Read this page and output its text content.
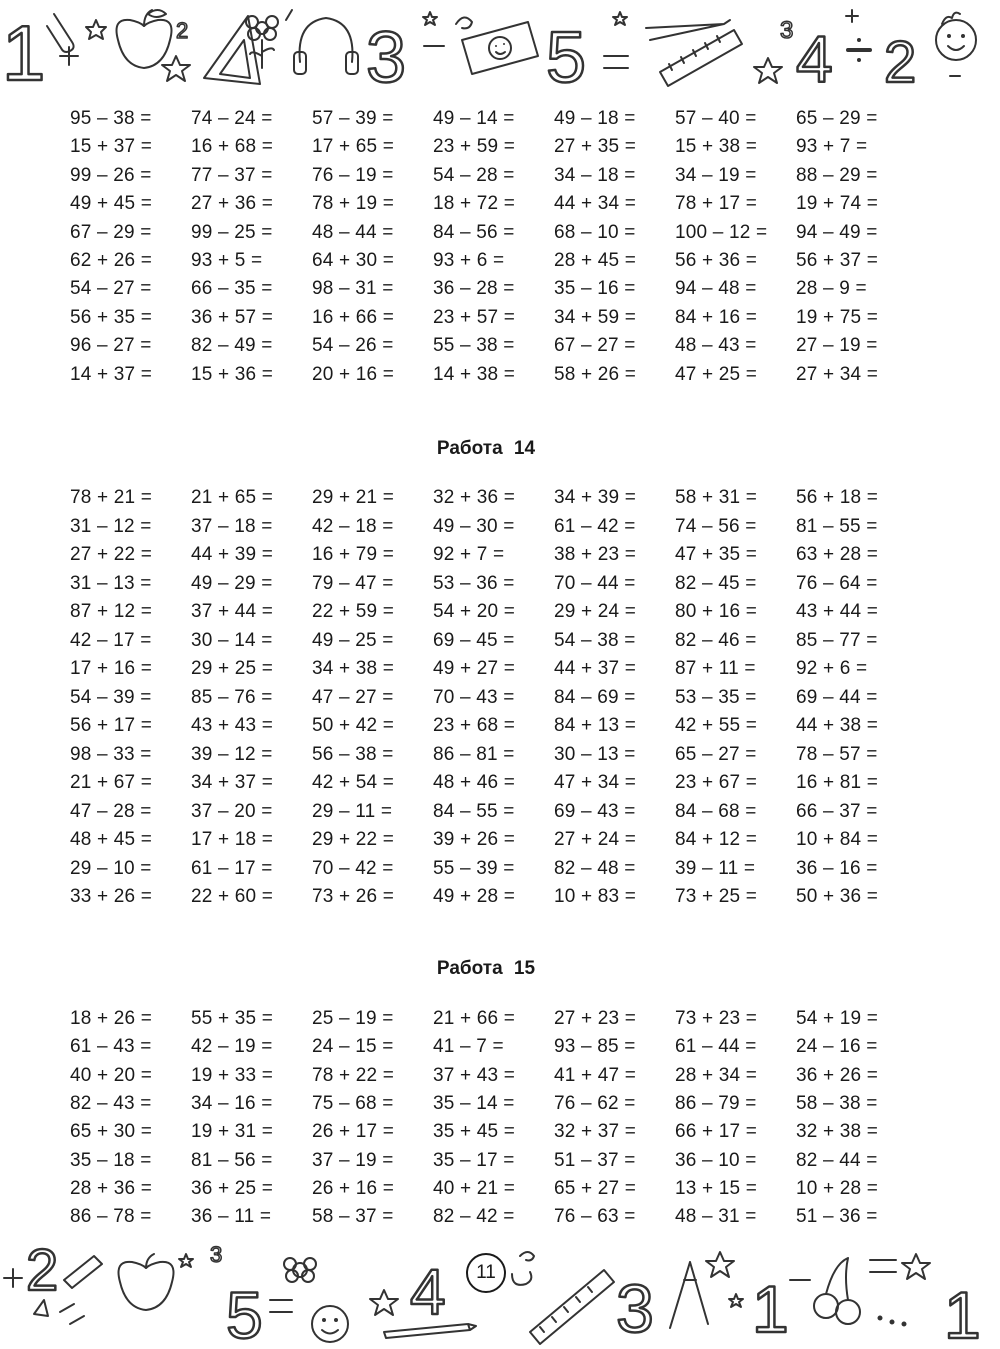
1	2 3 5	3 4 2
95 – 38 = 74 – 24 = 57 – 39 = 49 – 14 = 49 – 18 = 57 – 40 = 65 – 29 =
15 + 37 = 16 + 68 = 17 + 65 = 23 + 59 = 27 + 35 = 15 + 38 = 93 + 7 =
99 – 26 = 77 – 37 = 76 – 19 = 54 – 28 = 34 – 18 = 34 – 19 = 88 – 29 =
49 + 45 = 27 + 36 = 78 + 19 = 18 + 72 = 44 + 34 = 78 + 17 = 19 + 74 =
67 – 29 = 99 – 25 = 48 – 44 = 84 – 56 = 68 – 10 = 100 – 12 = 94 – 49 =
62 + 26 = 93 + 5 =	64 + 30 = 93 + 6 =	28 + 45 = 56 + 36 = 56 + 37 =
54 – 27 = 66 – 35 = 98 – 31 = 36 – 28 = 35 – 16 = 94 – 48 = 28 – 9 =
56 + 35 = 36 + 57 = 16 + 66 = 23 + 57 = 34 + 59 = 84 + 16 = 19 + 75 =
96 – 27 = 82 – 49 = 54 – 26 = 55 – 38 = 67 – 27 = 48 – 43 = 27 – 19 =
14 + 37 = 15 + 36 = 20 + 16 = 14 + 38 = 58 + 26 = 47 + 25 = 27 + 34 =
Работа 14
78 + 21 = 21 + 65 = 29 + 21 = 32 + 36 = 34 + 39 = 58 + 31 = 56 + 18 =
31 – 12 = 37 – 18 = 42 – 18 = 49 – 30 = 61 – 42 = 74 – 56 = 81 – 55 =
27 + 22 = 44 + 39 = 16 + 79 = 92 + 7 =	38 + 23 = 47 + 35 = 63 + 28 =
31 – 13 = 49 – 29 = 79 – 47 = 53 – 36 = 70 – 44 = 82 – 45 = 76 – 64 =
87 + 12 = 37 + 44 = 22 + 59 = 54 + 20 = 29 + 24 = 80 + 16 = 43 + 44 =
42 – 17 = 30 – 14 = 49 – 25 = 69 – 45 = 54 – 38 = 82 – 46 = 85 – 77 =
17 + 16 = 29 + 25 = 34 + 38 = 49 + 27 = 44 + 37 = 87 + 11 = 92 + 6 =
54 – 39 = 85 – 76 = 47 – 27 = 70 – 43 = 84 – 69 = 53 – 35 = 69 – 44 =
56 + 17 = 43 + 43 = 50 + 42 = 23 + 68 = 84 + 13 = 42 + 55 = 44 + 38 =
98 – 33 = 39 – 12 = 56 – 38 = 86 – 81 = 30 – 13 = 65 – 27 = 78 – 57 =
21 + 67 = 34 + 37 = 42 + 54 = 48 + 46 = 47 + 34 = 23 + 67 = 16 + 81 =
47 – 28 = 37 – 20 = 29 – 11 = 84 – 55 = 69 – 43 = 84 – 68 = 66 – 37 =
48 + 45 = 17 + 18 = 29 + 22 = 39 + 26 = 27 + 24 = 84 + 12 = 10 + 84 =
29 – 10 = 61 – 17 = 70 – 42 = 55 – 39 = 82 – 48 = 39 – 11 = 36 – 16 =
33 + 26 = 22 + 60 = 73 + 26 = 49 + 28 = 10 + 83 = 73 + 25 = 50 + 36 =
Работа 15
18 + 26 = 55 + 35 = 25 – 19 = 21 + 66 = 27 + 23 = 73 + 23 = 54 + 19 =
61 – 43 = 42 – 19 = 24 – 15 = 41 – 7 =	93 – 85 = 61 – 44 = 24 – 16 =
40 + 20 = 19 + 33 = 78 + 22 = 37 + 43 = 41 + 47 = 28 + 34 = 36 + 26 =
82 – 43 = 34 – 16 = 75 – 68 = 35 – 14 = 76 – 62 = 86 – 79 = 58 – 38 =
65 + 30 = 19 + 31 = 26 + 17 = 35 + 45 = 32 + 37 = 66 + 17 = 32 + 38 =
35 – 18 = 81 – 56 = 37 – 19 = 35 – 17 = 51 – 37 = 36 – 10 = 82 – 44 =
28 + 36 = 36 + 25 = 26 + 16 = 40 + 21 = 65 + 27 = 13 + 15 = 10 + 28 =
86 – 78 = 36 – 11 = 58 – 37 = 82 – 42 = 76 – 63 = 48 – 31 = 51 – 36 =
2	3
5 4	3 1 1
11
